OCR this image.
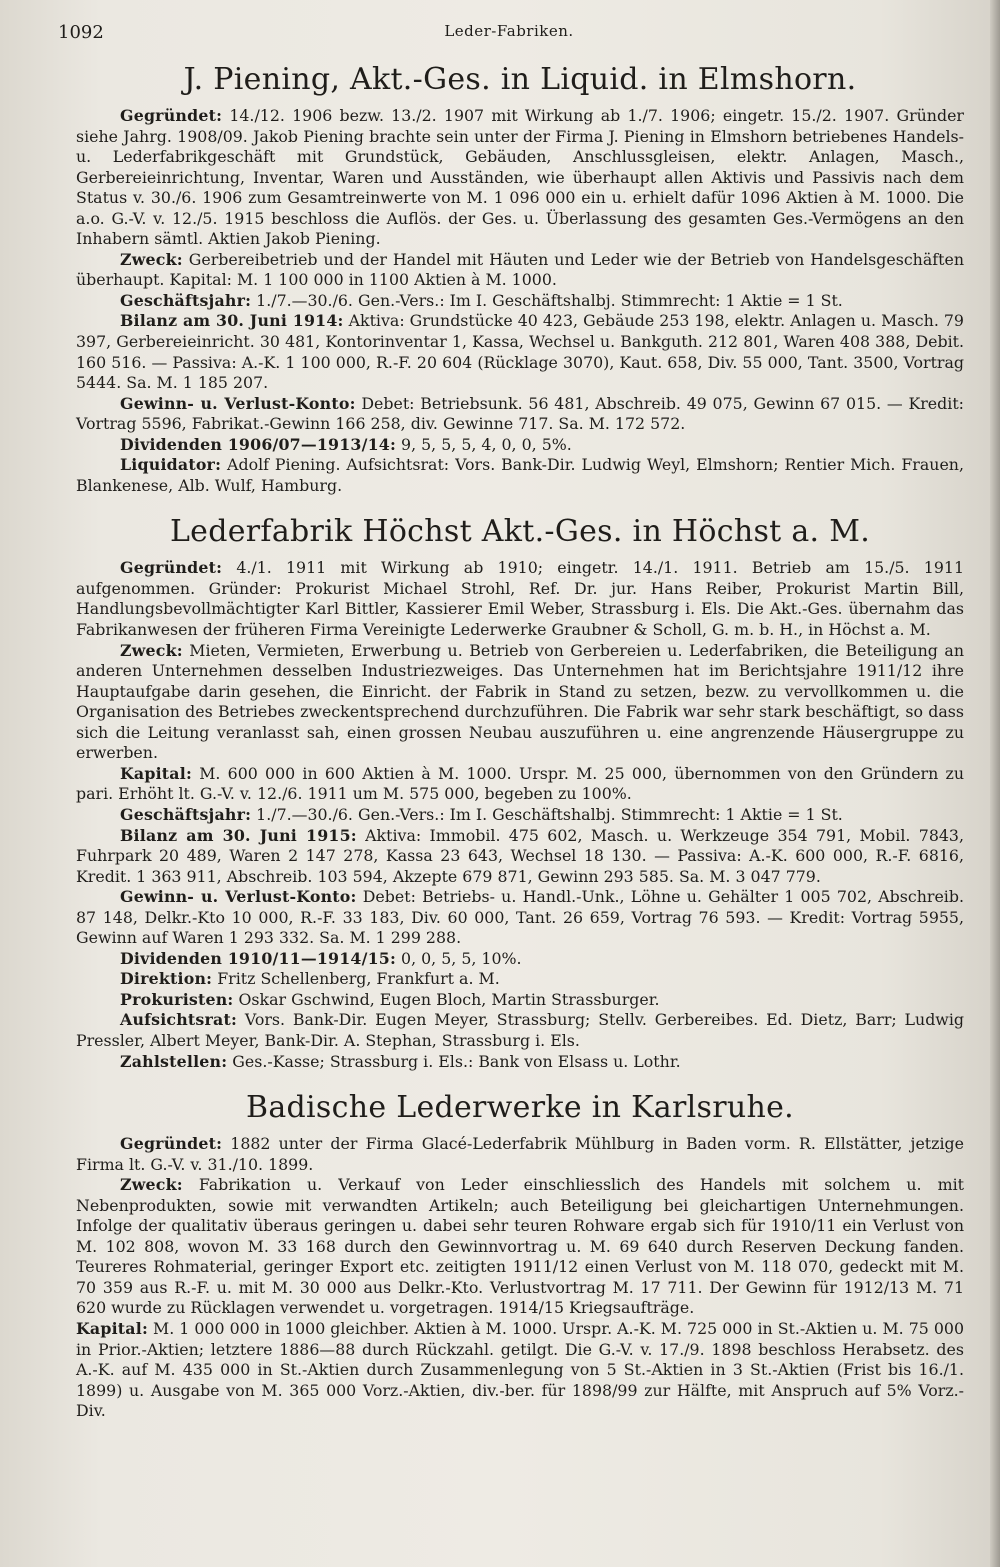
1092	Leder-Fabriken.
J. Piening, Akt.-Ges. in Liquid. in Elmshorn.

Gegründet: 14./12. 1906 bezw. 13./2. 1907 mit Wirkung ab 1./7. 1906; eingetr. 15./2. 1907. Gründer siehe Jahrg. 1908/09. Jakob Piening brachte sein unter der Firma J. Piening in Elmshorn betriebenes Handels- u. Lederfabrikgeschäft mit Grundstück, Gebäuden, Anschlussgleisen, elektr. Anlagen, Masch., Gerbereieinrichtung, Inventar, Waren und Ausständen, wie überhaupt allen Aktivis und Passivis nach dem Status v. 30./6. 1906 zum Gesamtreinwerte von M. 1 096 000 ein u. erhielt dafür 1096 Aktien à M. 1000. Die a.o. G.-V. v. 12./5. 1915 beschloss die Auflös. der Ges. u. Überlassung des gesamten Ges.-Vermögens an den Inhabern sämtl. Aktien Jakob Piening.

Zweck: Gerbereibetrieb und der Handel mit Häuten und Leder wie der Betrieb von Handelsgeschäften überhaupt. Kapital: M. 1 100 000 in 1100 Aktien à M. 1000.

Geschäftsjahr: 1./7.—30./6. Gen.-Vers.: Im I. Geschäftshalbj. Stimmrecht: 1 Aktie = 1 St.

Bilanz am 30. Juni 1914: Aktiva: Grundstücke 40 423, Gebäude 253 198, elektr. Anlagen u. Masch. 79 397, Gerbereieinricht. 30 481, Kontorinventar 1, Kassa, Wechsel u. Bankguth. 212 801, Waren 408 388, Debit. 160 516. — Passiva: A.-K. 1 100 000, R.-F. 20 604 (Rücklage 3070), Kaut. 658, Div. 55 000, Tant. 3500, Vortrag 5444. Sa. M. 1 185 207.

Gewinn- u. Verlust-Konto: Debet: Betriebsunk. 56 481, Abschreib. 49 075, Gewinn 67 015. — Kredit: Vortrag 5596, Fabrikat.-Gewinn 166 258, div. Gewinne 717. Sa. M. 172 572.

Dividenden 1906/07—1913/14: 9, 5, 5, 5, 4, 0, 0, 5%.

Liquidator: Adolf Piening. Aufsichtsrat: Vors. Bank-Dir. Ludwig Weyl, Elmshorn; Rentier Mich. Frauen, Blankenese, Alb. Wulf, Hamburg.

Lederfabrik Höchst Akt.-Ges. in Höchst a. M.

Gegründet: 4./1. 1911 mit Wirkung ab 1910; eingetr. 14./1. 1911. Betrieb am 15./5. 1911 aufgenommen. Gründer: Prokurist Michael Strohl, Ref. Dr. jur. Hans Reiber, Prokurist Martin Bill, Handlungsbevollmächtigter Karl Bittler, Kassierer Emil Weber, Strassburg i. Els. Die Akt.-Ges. übernahm das Fabrikanwesen der früheren Firma Vereinigte Lederwerke Graubner & Scholl, G. m. b. H., in Höchst a. M.

Zweck: Mieten, Vermieten, Erwerbung u. Betrieb von Gerbereien u. Lederfabriken, die Beteiligung an anderen Unternehmen desselben Industriezweiges. Das Unternehmen hat im Berichtsjahre 1911/12 ihre Hauptaufgabe darin gesehen, die Einricht. der Fabrik in Stand zu setzen, bezw. zu vervollkommen u. die Organisation des Betriebes zweckentsprechend durchzuführen. Die Fabrik war sehr stark beschäftigt, so dass sich die Leitung veranlasst sah, einen grossen Neubau auszuführen u. eine angrenzende Häusergruppe zu erwerben.

Kapital: M. 600 000 in 600 Aktien à M. 1000. Urspr. M. 25 000, übernommen von den Gründern zu pari. Erhöht lt. G.-V. v. 12./6. 1911 um M. 575 000, begeben zu 100%.

Geschäftsjahr: 1./7.—30./6. Gen.-Vers.: Im I. Geschäftshalbj. Stimmrecht: 1 Aktie = 1 St.

Bilanz am 30. Juni 1915: Aktiva: Immobil. 475 602, Masch. u. Werkzeuge 354 791, Mobil. 7843, Fuhrpark 20 489, Waren 2 147 278, Kassa 23 643, Wechsel 18 130. — Passiva: A.-K. 600 000, R.-F. 6816, Kredit. 1 363 911, Abschreib. 103 594, Akzepte 679 871, Gewinn 293 585. Sa. M. 3 047 779.

Gewinn- u. Verlust-Konto: Debet: Betriebs- u. Handl.-Unk., Löhne u. Gehälter 1 005 702, Abschreib. 87 148, Delkr.-Kto 10 000, R.-F. 33 183, Div. 60 000, Tant. 26 659, Vortrag 76 593. — Kredit: Vortrag 5955, Gewinn auf Waren 1 293 332. Sa. M. 1 299 288.

Dividenden 1910/11—1914/15: 0, 0, 5, 5, 10%.

Direktion: Fritz Schellenberg, Frankfurt a. M.

Prokuristen: Oskar Gschwind, Eugen Bloch, Martin Strassburger.

Aufsichtsrat: Vors. Bank-Dir. Eugen Meyer, Strassburg; Stellv. Gerbereibes. Ed. Dietz, Barr; Ludwig Pressler, Albert Meyer, Bank-Dir. A. Stephan, Strassburg i. Els.

Zahlstellen: Ges.-Kasse; Strassburg i. Els.: Bank von Elsass u. Lothr.

Badische Lederwerke in Karlsruhe.

Gegründet: 1882 unter der Firma Glacé-Lederfabrik Mühlburg in Baden vorm. R. Ellstätter, jetzige Firma lt. G.-V. v. 31./10. 1899.

Zweck: Fabrikation u. Verkauf von Leder einschliesslich des Handels mit solchem u. mit Nebenprodukten, sowie mit verwandten Artikeln; auch Beteiligung bei gleichartigen Unternehmungen. Infolge der qualitativ überaus geringen u. dabei sehr teuren Rohware ergab sich für 1910/11 ein Verlust von M. 102 808, wovon M. 33 168 durch den Gewinnvortrag u. M. 69 640 durch Reserven Deckung fanden. Teureres Rohmaterial, geringer Export etc. zeitigten 1911/12 einen Verlust von M. 118 070, gedeckt mit M. 70 359 aus R.-F. u. mit M. 30 000 aus Delkr.-Kto. Verlustvortrag M. 17 711. Der Gewinn für 1912/13 M. 71 620 wurde zu Rücklagen verwendet u. vorgetragen. 1914/15 Kriegsaufträge.

Kapital: M. 1 000 000 in 1000 gleichber. Aktien à M. 1000. Urspr. A.-K. M. 725 000 in St.-Aktien u. M. 75 000 in Prior.-Aktien; letztere 1886—88 durch Rückzahl. getilgt. Die G.-V. v. 17./9. 1898 beschloss Herabsetz. des A.-K. auf M. 435 000 in St.-Aktien durch Zusammenlegung von 5 St.-Aktien in 3 St.-Aktien (Frist bis 16./1. 1899) u. Ausgabe von M. 365 000 Vorz.-Aktien, div.-ber. für 1898/99 zur Hälfte, mit Anspruch auf 5% Vorz.-Div.
